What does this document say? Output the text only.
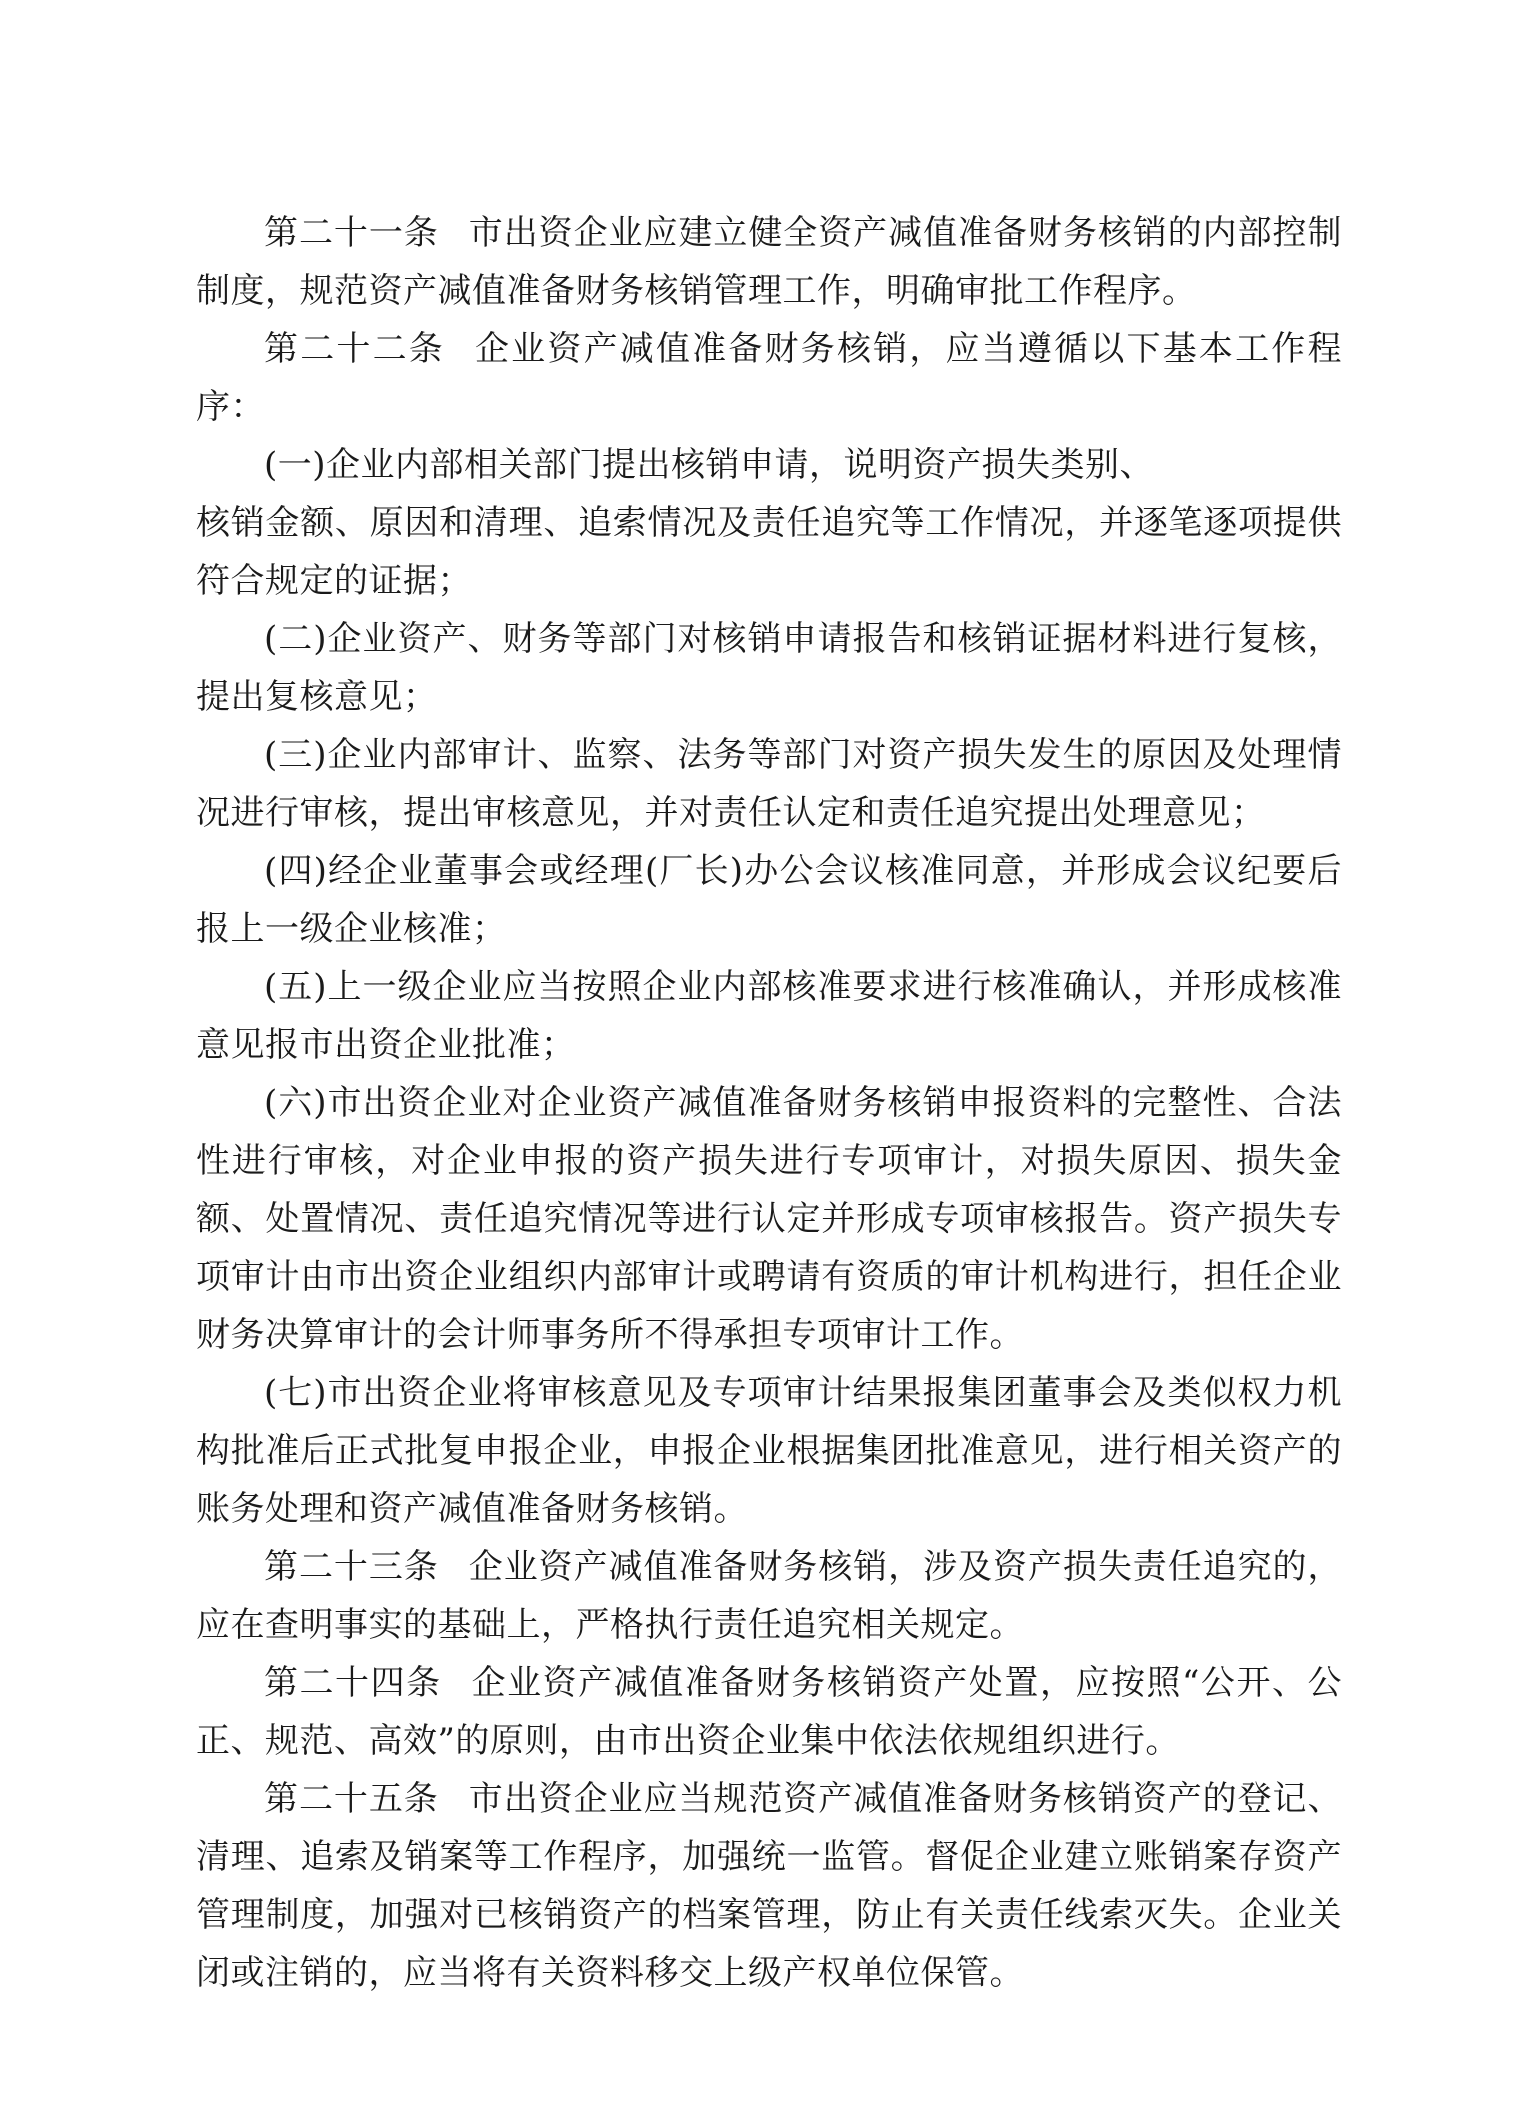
第二十一条 市出资企业应建立健全资产减值准备财务核销的内部控制制度，规范资产减值准备财务核销管理工作，明确审批工作程序。

第二十二条 企业资产减值准备财务核销，应当遵循以下基本工作程序：

(一)企业内部相关部门提出核销申请，说明资产损失类别、

核销金额、原因和清理、追索情况及责任追究等工作情况，并逐笔逐项提供符合规定的证据；

(二)企业资产、财务等部门对核销申请报告和核销证据材料进行复核，提出复核意见；

(三)企业内部审计、监察、法务等部门对资产损失发生的原因及处理情况进行审核，提出审核意见，并对责任认定和责任追究提出处理意见；

(四)经企业董事会或经理(厂长)办公会议核准同意，并形成会议纪要后报上一级企业核准；

(五)上一级企业应当按照企业内部核准要求进行核准确认，并形成核准意见报市出资企业批准；

(六)市出资企业对企业资产减值准备财务核销申报资料的完整性、合法性进行审核，对企业申报的资产损失进行专项审计，对损失原因、损失金额、处置情况、责任追究情况等进行认定并形成专项审核报告。资产损失专项审计由市出资企业组织内部审计或聘请有资质的审计机构进行，担任企业财务决算审计的会计师事务所不得承担专项审计工作。

(七)市出资企业将审核意见及专项审计结果报集团董事会及类似权力机构批准后正式批复申报企业，申报企业根据集团批准意见，进行相关资产的账务处理和资产减值准备财务核销。

第二十三条 企业资产减值准备财务核销，涉及资产损失责任追究的，应在查明事实的基础上，严格执行责任追究相关规定。

第二十四条 企业资产减值准备财务核销资产处置，应按照“公开、公正、规范、高效”的原则，由市出资企业集中依法依规组织进行。

第二十五条 市出资企业应当规范资产减值准备财务核销资产的登记、清理、追索及销案等工作程序，加强统一监管。督促企业建立账销案存资产管理制度，加强对已核销资产的档案管理，防止有关责任线索灭失。企业关闭或注销的，应当将有关资料移交上级产权单位保管。
